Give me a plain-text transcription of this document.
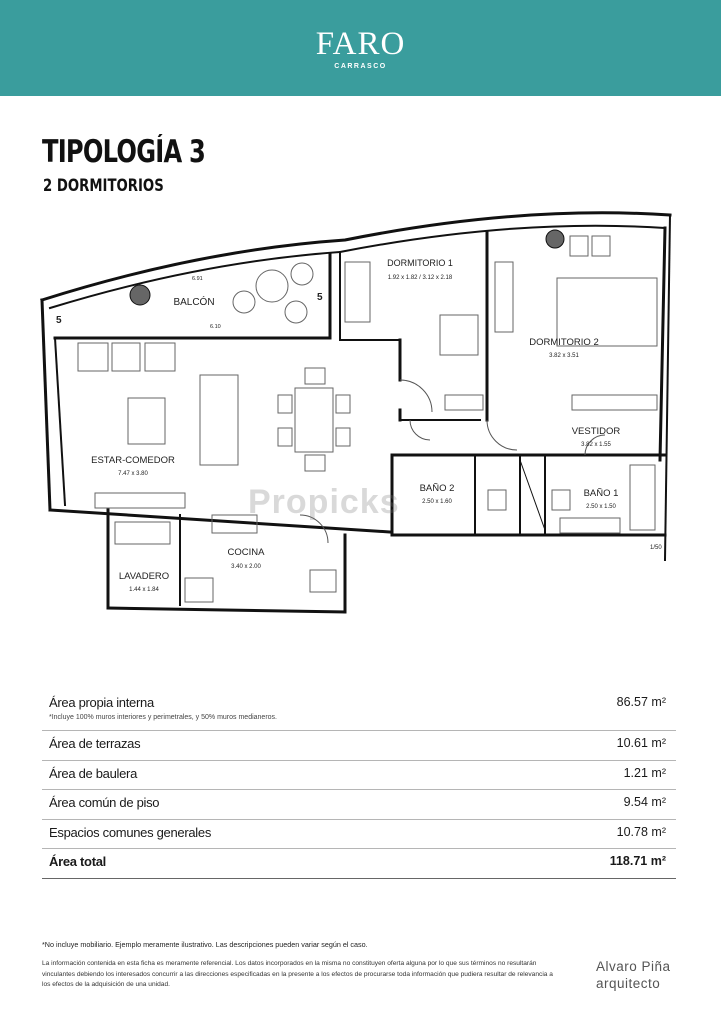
FARO
CARRASCO
TIPOLOGÍA 3
2 DORMITORIOS
BALCÓN
DORMITORIO 1
1.92 x 1.82 / 3.12 x 2.18
DORMITORIO 2
3.82 x 3.51
ESTAR-COMEDOR
7.47 x 3.80
VESTIDOR
3.82 x 1.55
BAÑO 2
2.50 x 1.60
BAÑO 1
2.50 x 1.50
COCINA
3.40 x 2.00
LAVADERO
1.44 x 1.84
5
5
6.91
6.10
1/50
Propicks
Área propia interna	86.57 m²
*Incluye 100% muros interiores y perimetrales, y 50% muros medianeros.
Área de terrazas	10.61 m²
Área de baulera	1.21 m²
Área común de piso	9.54 m²
Espacios comunes generales	10.78 m²
Área total	118.71 m²
*No incluye mobiliario. Ejemplo meramente ilustrativo. Las descripciones pueden variar según el caso.
La información contenida en esta ficha es meramente referencial. Los datos incorporados en la misma no constituyen oferta alguna por lo que sus términos no resultarán vinculantes debiendo los interesados concurrir a las direcciones especificadas en la presente a los efectos de procurarse toda información que pudiera resultar de relevancia a los efectos de la adquisición de una unidad.
Alvaro Piña
arquitecto
